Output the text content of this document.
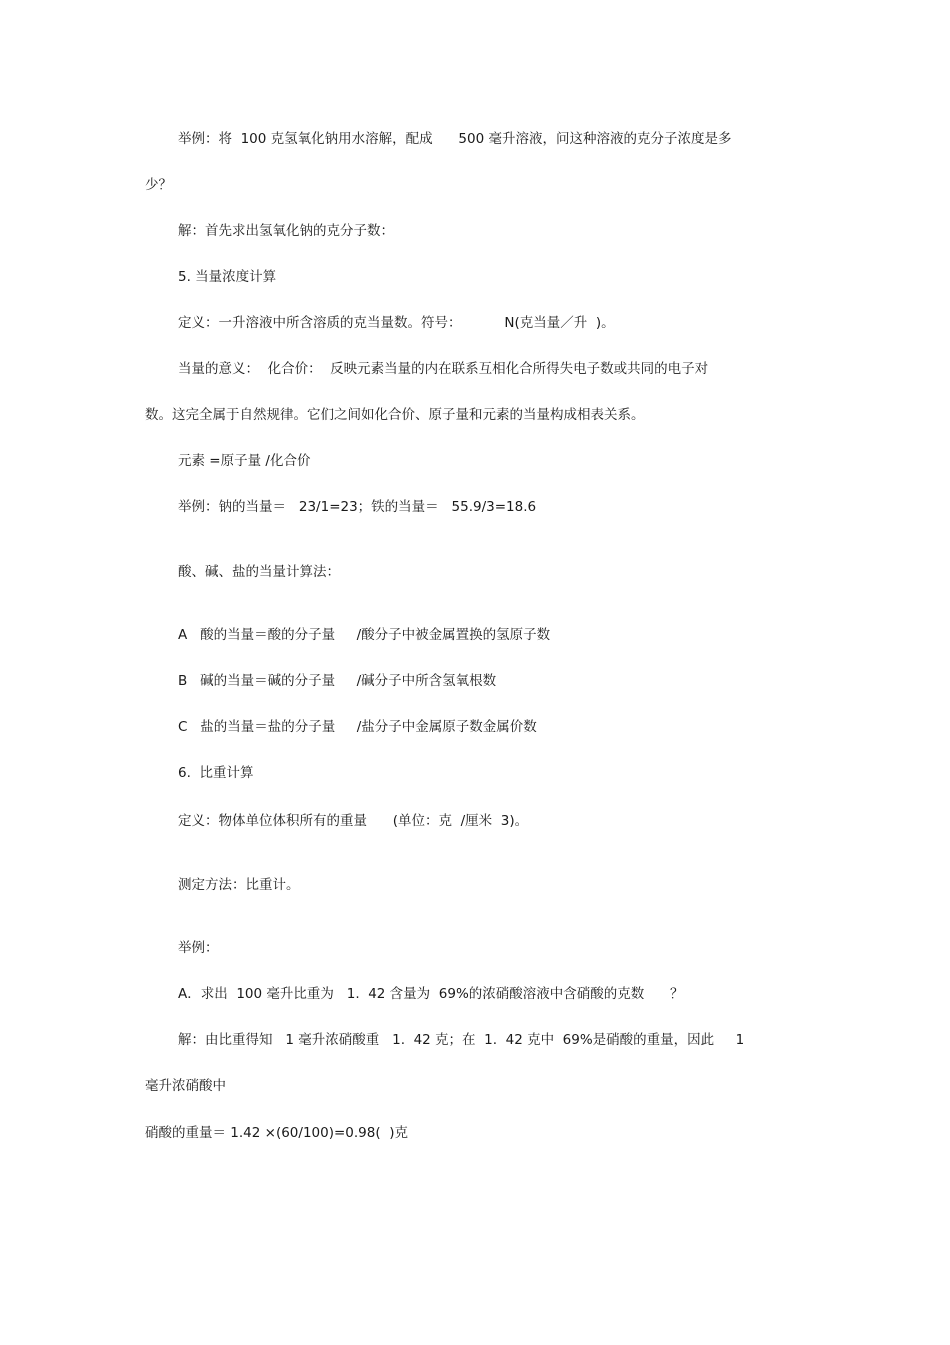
举例：将  100 克氢氧化钠用水溶解，配成      500 毫升溶液，问这种溶液的克分子浓度是多
少？
解：首先求出氢氧化钠的克分子数：
5. 当量浓度计算
定义：一升溶液中所含溶质的克当量数。符号：          N(克当量／升  )。
当量的意义：  化合价：  反映元素当量的内在联系互相化合所得失电子数或共同的电子对
数。这完全属于自然规律。它们之间如化合价、原子量和元素的当量构成相表关系。
元素 =原子量 /化合价
举例：钠的当量＝   23/1=23；铁的当量＝   55.9/3=18.6
酸、碱、盐的当量计算法：
A   酸的当量＝酸的分子量     /酸分子中被金属置换的氢原子数
B   碱的当量＝碱的分子量     /碱分子中所含氢氧根数
C   盐的当量＝盐的分子量     /盐分子中金属原子数金属价数
6.  比重计算
定义：物体单位体积所有的重量      (单位：克  /厘米  3)。
测定方法：比重计。
举例：
A．求出  100 毫升比重为   1.  42 含量为  69%的浓硝酸溶液中含硝酸的克数      ？
解：由比重得知   1 毫升浓硝酸重   1.  42 克；在  1.  42 克中  69%是硝酸的重量，因此     1
毫升浓硝酸中
硝酸的重量＝ 1.42 ×(60/100)=0.98(  )克
